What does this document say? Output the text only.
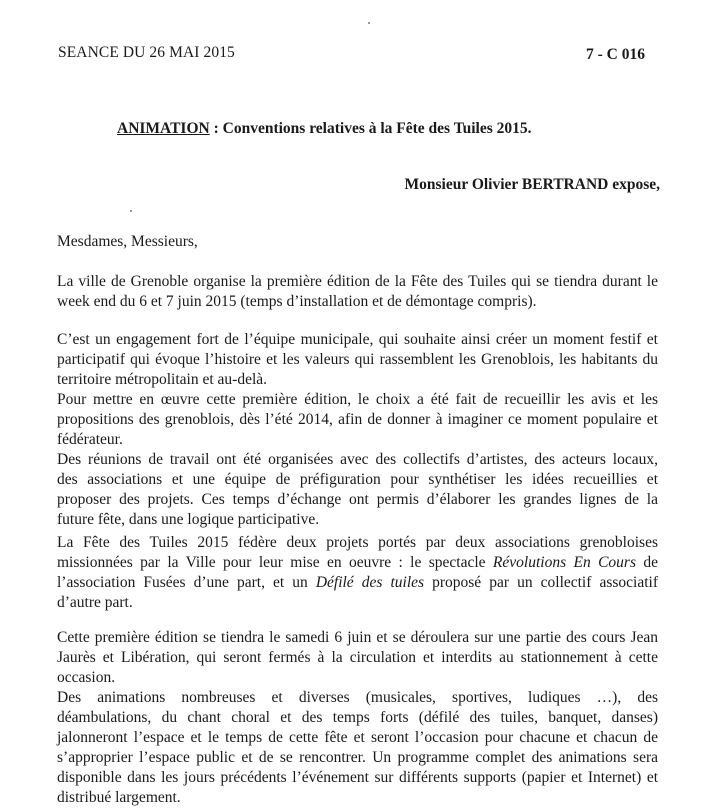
SEANCE DU 26 MAI 2015	7 - C 016
ANIMATION : Conventions relatives à la Fête des Tuiles 2015.
Monsieur Olivier BERTRAND expose,
Mesdames, Messieurs,
La ville de Grenoble organise la première édition de la Fête des Tuiles qui se tiendra durant le
week end du 6 et 7 juin 2015 (temps d’installation et de démontage compris).
C’est un engagement fort de l’équipe municipale, qui souhaite ainsi créer un moment festif et
participatif qui évoque l’histoire et les valeurs qui rassemblent les Grenoblois, les habitants du
territoire métropolitain et au-delà.
Pour mettre en œuvre cette première édition, le choix a été fait de recueillir les avis et les
propositions des grenoblois, dès l’été 2014, afin de donner à imaginer ce moment populaire et
fédérateur.
Des réunions de travail ont été organisées avec des collectifs d’artistes, des acteurs locaux,
des associations et une équipe de préfiguration pour synthétiser les idées recueillies et
proposer des projets. Ces temps d’échange ont permis d’élaborer les grandes lignes de la
future fête, dans une logique participative.
La Fête des Tuiles 2015 fédère deux projets portés par deux associations grenobloises
missionnées par la Ville pour leur mise en oeuvre : le spectacle Révolutions En Cours de
l’association Fusées d’une part, et un Défilé des tuiles proposé par un collectif associatif
d’autre part.
Cette première édition se tiendra le samedi 6 juin et se déroulera sur une partie des cours Jean
Jaurès et Libération, qui seront fermés à la circulation et interdits au stationnement à cette
occasion.
Des animations nombreuses et diverses (musicales, sportives, ludiques …), des
déambulations, du chant choral et des temps forts (défilé des tuiles, banquet, danses)
jalonneront l’espace et le temps de cette fête et seront l’occasion pour chacune et chacun de
s’approprier l’espace public et de se rencontrer. Un programme complet des animations sera
disponible dans les jours précédents l’événement sur différents supports (papier et Internet) et
distribué largement.
